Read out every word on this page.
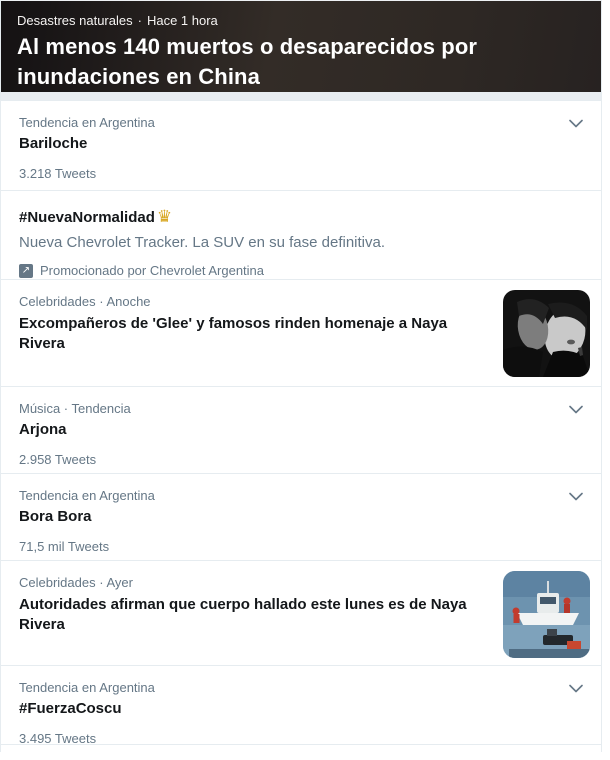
Desastres naturales · Hace 1 hora
Al menos 140 muertos o desaparecidos por inundaciones en China
Tendencia en Argentina
Bariloche
3.218 Tweets
#NuevaNormalidad ♛
Nueva Chevrolet Tracker. La SUV en su fase definitiva.
↗ Promocionado por Chevrolet Argentina
Celebridades · Anoche
Excompañeros de 'Glee' y famosos rinden homenaje a Naya Rivera
Música · Tendencia
Arjona
2.958 Tweets
Tendencia en Argentina
Bora Bora
71,5 mil Tweets
Celebridades · Ayer
Autoridades afirman que cuerpo hallado este lunes es de Naya Rivera
Tendencia en Argentina
#FuerzaCoscu
3.495 Tweets
